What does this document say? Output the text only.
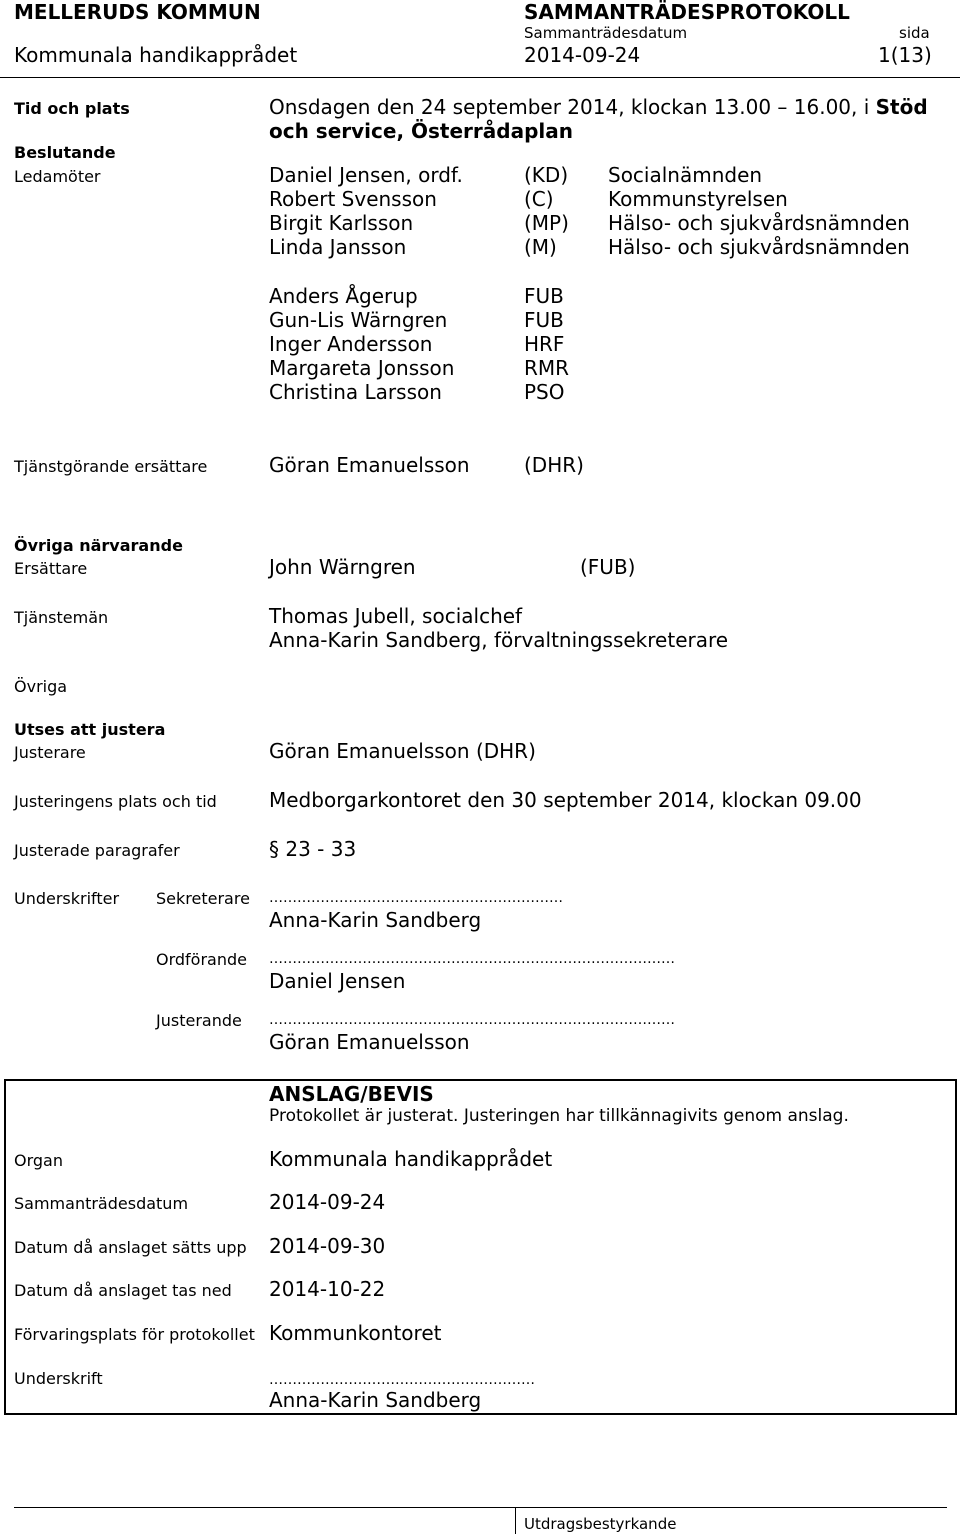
MELLERUDS KOMMUN	SAMMANTRÄDESPROTOKOLL
Sammanträdesdatum	sida
Kommunala handikapprådet	2014-09-24	1(13)
Tid och plats	Onsdagen den 24 september 2014, klockan 13.00 – 16.00, i Stöd
och service, Österrådaplan
Beslutande
Ledamöter	Daniel Jensen, ordf.	(KD) Socialnämnden
Robert Svensson	(C)	Kommunstyrelsen
Birgit Karlsson	(MP) Hälso- och sjukvårdsnämnden
Linda Jansson	(M)	Hälso- och sjukvårdsnämnden
Anders Ågerup	FUB
Gun-Lis Wärngren	FUB
Inger Andersson	HRF
Margareta Jonsson	RMR
Christina Larsson	PSO
Tjänstgörande ersättare	Göran Emanuelsson	(DHR)
Övriga närvarande
Ersättare	John Wärngren	(FUB)
Tjänstemän	Thomas Jubell, socialchef
Anna-Karin Sandberg, förvaltningssekreterare
Övriga
Utses att justera
Justerare	Göran Emanuelsson (DHR)
Justeringens plats och tid	Medborgarkontoret den 30 september 2014, klockan 09.00
Justerade paragrafer	§ 23 - 33
Underskrifter Sekreterare ………………………………………………………
Anna-Karin Sandberg
Ordförande ……………………………………………………………………………
Daniel Jensen
Justerande ……………………………………………………………………………
Göran Emanuelsson
ANSLAG/BEVIS
Protokollet är justerat. Justeringen har tillkännagivits genom anslag.
Organ	Kommunala handikapprådet
Sammanträdesdatum	2014-09-24
Datum då anslaget sätts upp 2014-09-30
Datum då anslaget tas ned 2014-10-22
Förvaringsplats för protokollet Kommunkontoret
Underskrift	…………………………………………………
Anna-Karin Sandberg
Utdragsbestyrkande
